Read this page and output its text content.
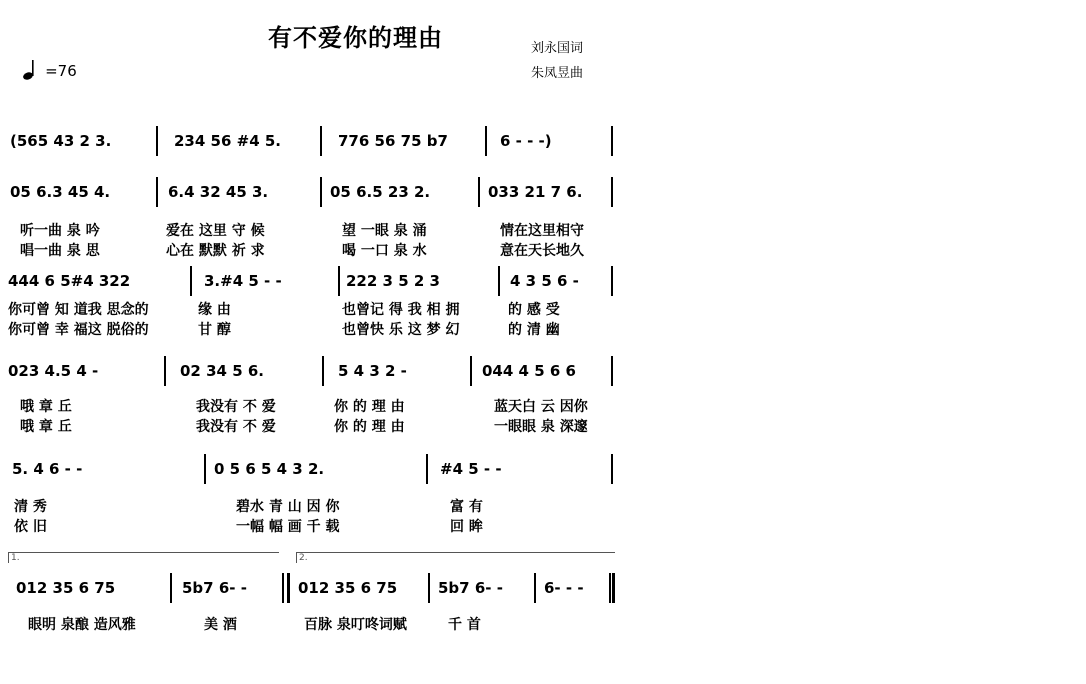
有不爱你的理由	刘永国词
朱凤昱曲
=76
(565 43 2 3.	234 56 #4 5.	776 56 75 b7	6 - - -)
05 6.3 45 4.	6.4 32 45 3.	05 6.5 23 2.	033 21 7 6.
听一曲 泉 吟	爱在 这里 守 候	望 一眼 泉 涌	情在这里相守
唱一曲 泉 思	心在 默默 祈 求	喝 一口 泉 水	意在天长地久
444 6 5#4 322	3.#4 5 - -	222 3 5 2 3	4 3 5 6 -
你可曾 知 道我 思念的	缘 由	也曾记 得 我 相 拥	的 感 受
你可曾 幸 福这 脱俗的	甘 醇	也曾快 乐 这 梦 幻	的 清 幽
023 4.5 4 -	02 34 5 6.	5 4 3 2 -	044 4 5 6 6
哦 章 丘	我没有 不 爱	你 的 理 由	蓝天白 云 因你
哦 章 丘	我没有 不 爱	你 的 理 由	一眼眼 泉 深邃
5. 4 6 - -	0 5 6 5 4 3 2.	#4 5 - -
清 秀	碧水 青 山 因 你	富 有
依 旧	一幅 幅 画 千 载	回 眸
1.	2.
012 35 6 75	5b7 6- -	012 35 6 75	5b7 6- -	6- - -
眼明 泉酿 造风雅	美 酒	百脉 泉叮咚词赋	千 首
